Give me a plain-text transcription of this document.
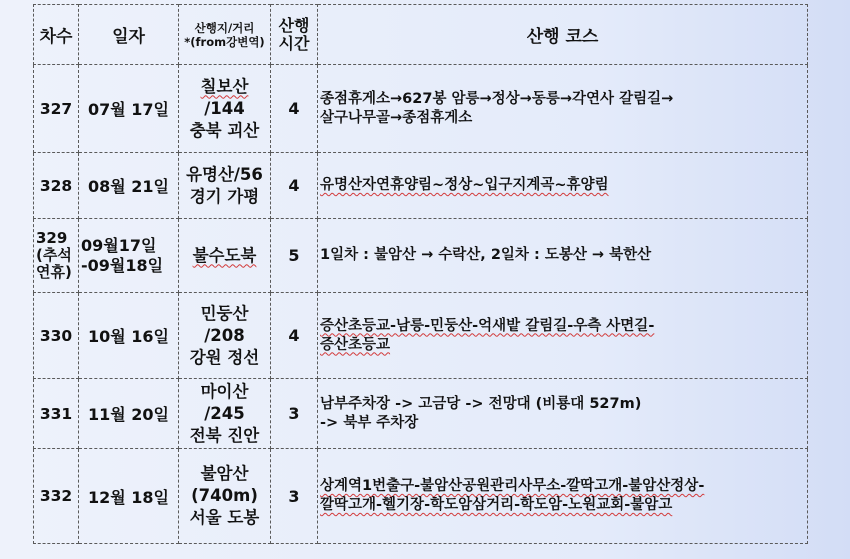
차수	일자	산행지/거리
*(from강변역)	산행
시간	산행 코스
327	07월 17일	칠보산
/144
충북 괴산	4	종점휴게소→627봉 암릉→정상→동릉→각연사 갈림길→
살구나무골→종점휴게소

328	08월 21일	유명산/56
경기 가평	4	유명산자연휴양림~정상~입구지계곡~휴양림

329
(추석
연휴)	09월17일
-09월18일	불수도북	5	1일차 : 불암산 → 수락산, 2일차 : 도봉산 → 북한산

330	10월 16일	민둥산
/208
강원 정선	4	증산초등교-남릉-민둥산-억새밭 갈림길-우측 사면길-
증산초등교

331	11월 20일	마이산
/245
전북 진안	3	남부주차장 -> 고금당 -> 전망대 (비룡대 527m)
-> 북부 주차장

332	12월 18일	불암산
(740m)
서울 도봉	3	상계역1번출구-불암산공원관리사무소-깔딱고개-불암산정상-
깔딱고개-헬기장-학도암삼거리-학도암-노원교회-불암고
